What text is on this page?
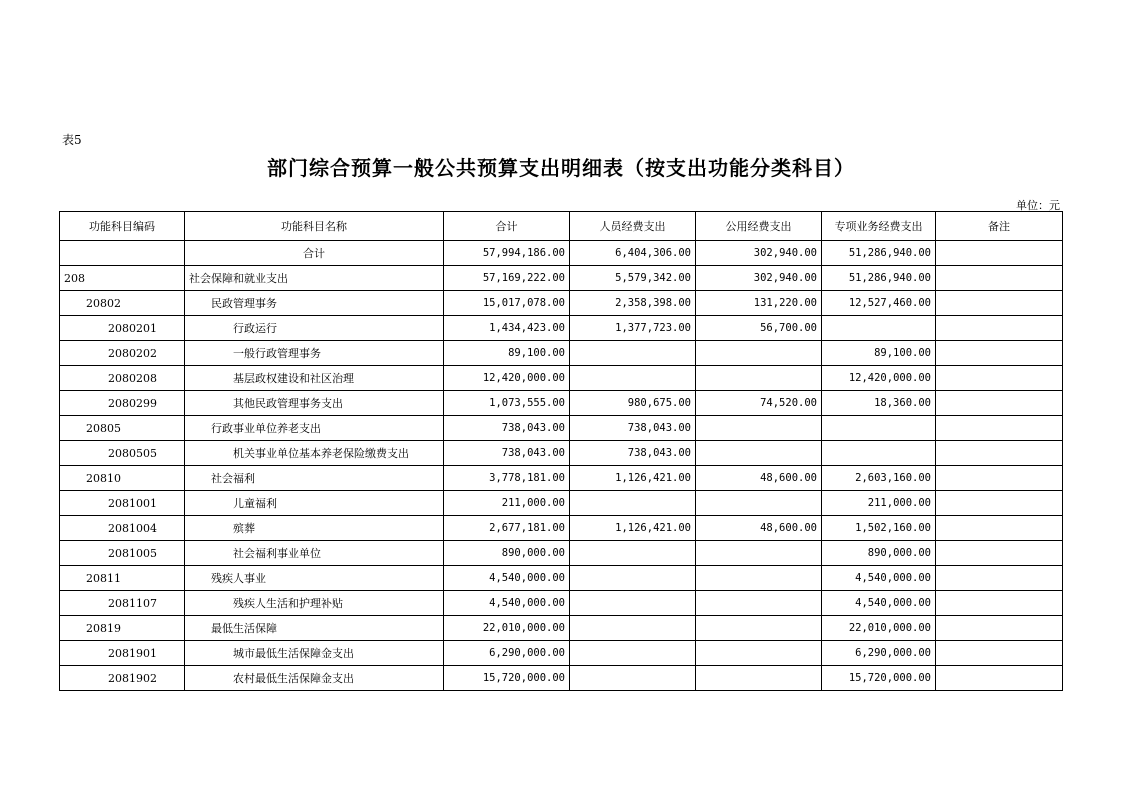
表5
部门综合预算一般公共预算支出明细表（按支出功能分类科目）
单位：元
功能科目编码	功能科目名称	合计	人员经费支出	公用经费支出	专项业务经费支出	备注
	合计	57,994,186.00	6,404,306.00	302,940.00	51,286,940.00	
208	社会保障和就业支出	57,169,222.00	5,579,342.00	302,940.00	51,286,940.00	
20802	民政管理事务	15,017,078.00	2,358,398.00	131,220.00	12,527,460.00	
2080201	行政运行	1,434,423.00	1,377,723.00	56,700.00		
2080202	一般行政管理事务	89,100.00			89,100.00	
2080208	基层政权建设和社区治理	12,420,000.00			12,420,000.00	
2080299	其他民政管理事务支出	1,073,555.00	980,675.00	74,520.00	18,360.00	
20805	行政事业单位养老支出	738,043.00	738,043.00			
2080505	机关事业单位基本养老保险缴费支出	738,043.00	738,043.00			
20810	社会福利	3,778,181.00	1,126,421.00	48,600.00	2,603,160.00	
2081001	儿童福利	211,000.00			211,000.00	
2081004	殡葬	2,677,181.00	1,126,421.00	48,600.00	1,502,160.00	
2081005	社会福利事业单位	890,000.00			890,000.00	
20811	残疾人事业	4,540,000.00			4,540,000.00	
2081107	残疾人生活和护理补贴	4,540,000.00			4,540,000.00	
20819	最低生活保障	22,010,000.00			22,010,000.00	
2081901	城市最低生活保障金支出	6,290,000.00			6,290,000.00	
2081902	农村最低生活保障金支出	15,720,000.00			15,720,000.00	
